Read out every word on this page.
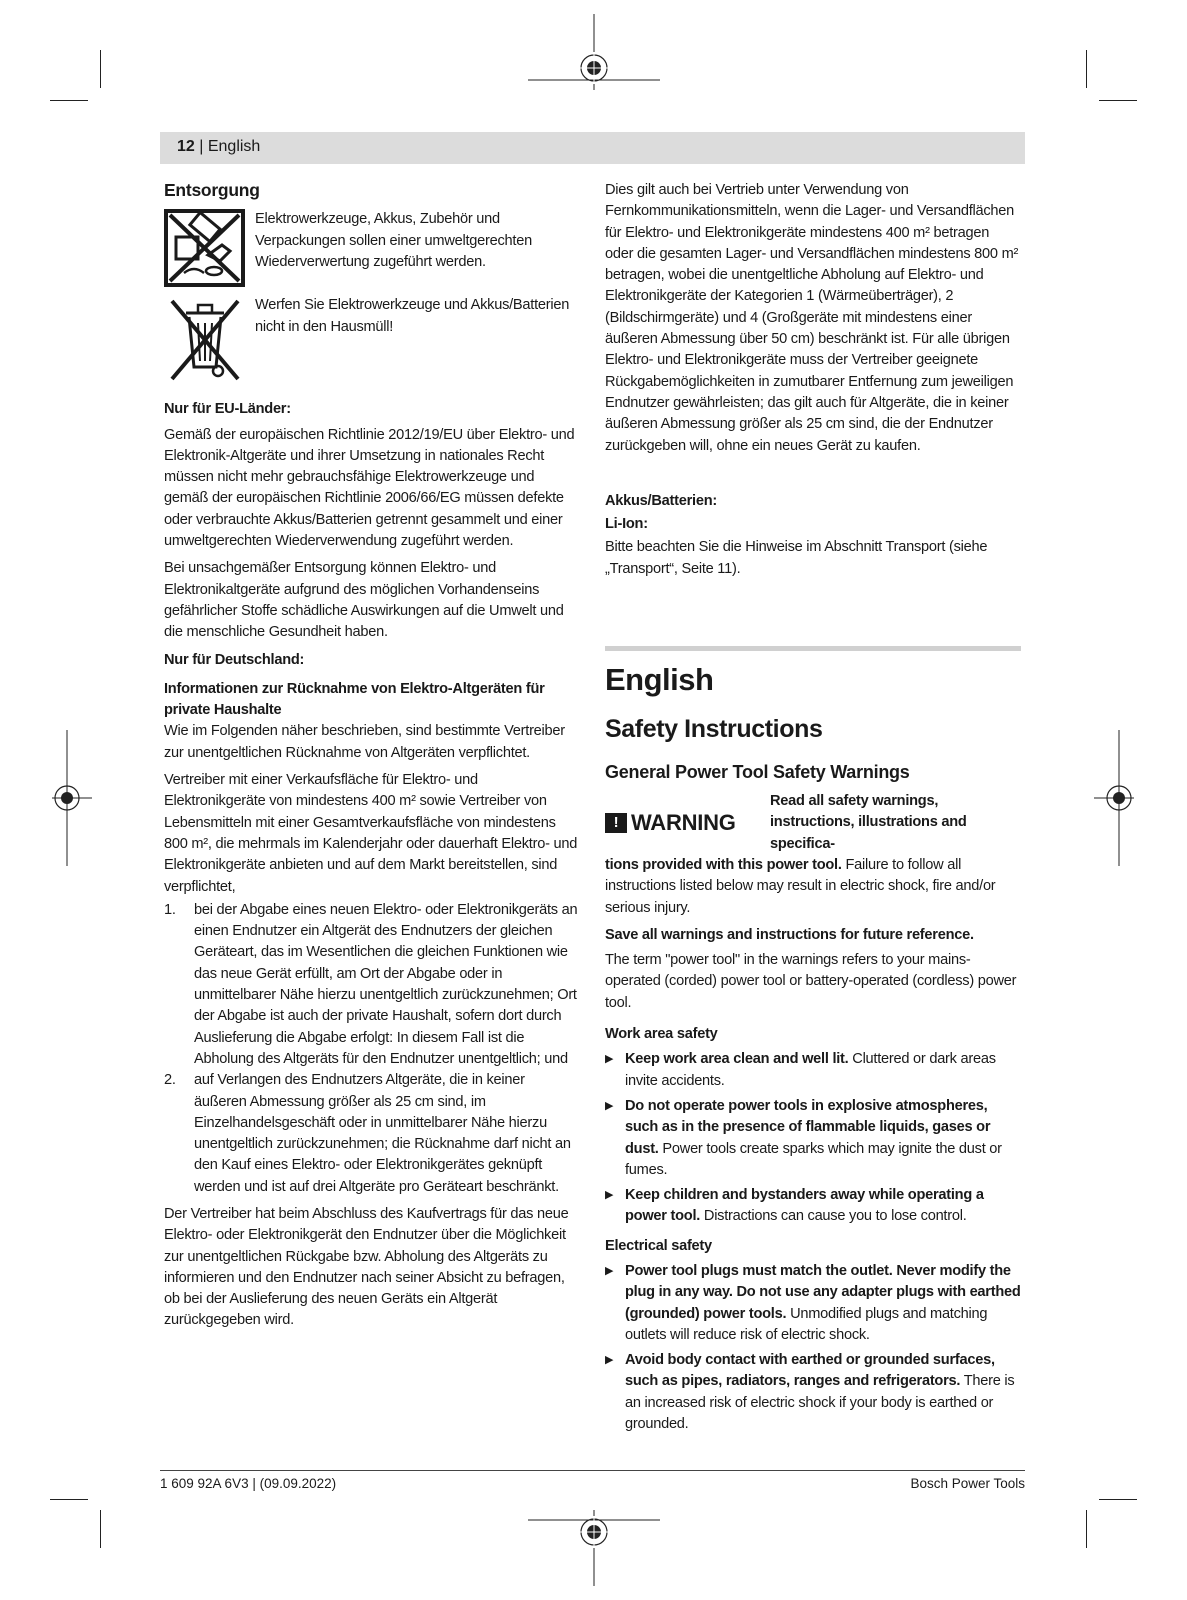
12 | English
Entsorgung
Elektrowerkzeuge, Akkus, Zubehör und Verpackungen sollen einer umweltgerechten Wiederverwertung zugeführt werden.
Werfen Sie Elektrowerkzeuge und Akkus/Batterien nicht in den Hausmüll!
Nur für EU-Länder:

Gemäß der europäischen Richtlinie 2012/19/EU über Elektro- und Elektronik-Altgeräte und ihrer Umsetzung in nationales Recht müssen nicht mehr gebrauchsfähige Elektrowerkzeuge und gemäß der europäischen Richtlinie 2006/66/EG müssen defekte oder verbrauchte Akkus/Batterien getrennt gesammelt und einer umweltgerechten Wiederverwendung zugeführt werden.

Bei unsachgemäßer Entsorgung können Elektro- und Elektronikaltgeräte aufgrund des möglichen Vorhandenseins gefährlicher Stoffe schädliche Auswirkungen auf die Umwelt und die menschliche Gesundheit haben.

Nur für Deutschland:
Informationen zur Rücknahme von Elektro-Altgeräten für private Haushalte

Wie im Folgenden näher beschrieben, sind bestimmte Vertreiber zur unentgeltlichen Rücknahme von Altgeräten verpflichtet.

Vertreiber mit einer Verkaufsfläche für Elektro- und Elektronikgeräte von mindestens 400 m² sowie Vertreiber von Lebensmitteln mit einer Gesamtverkaufsfläche von mindestens 800 m², die mehrmals im Kalenderjahr oder dauerhaft Elektro- und Elektronikgeräte anbieten und auf dem Markt bereitstellen, sind verpflichtet,

1.	bei der Abgabe eines neuen Elektro- oder Elektronikgeräts an einen Endnutzer ein Altgerät des Endnutzers der gleichen Geräteart, das im Wesentlichen die gleichen Funktionen wie das neue Gerät erfüllt, am Ort der Abgabe oder in unmittelbarer Nähe hierzu unentgeltlich zurückzunehmen; Ort der Abgabe ist auch der private Haushalt, sofern dort durch Auslieferung die Abgabe erfolgt: In diesem Fall ist die Abholung des Altgeräts für den Endnutzer unentgeltlich; und
2.	auf Verlangen des Endnutzers Altgeräte, die in keiner äußeren Abmessung größer als 25 cm sind, im Einzelhandelsgeschäft oder in unmittelbarer Nähe hierzu unentgeltlich zurückzunehmen; die Rücknahme darf nicht an den Kauf eines Elektro- oder Elektronikgerätes geknüpft werden und ist auf drei Altgeräte pro Geräteart beschränkt.

Der Vertreiber hat beim Abschluss des Kaufvertrags für das neue Elektro- oder Elektronikgerät den Endnutzer über die Möglichkeit zur unentgeltlichen Rückgabe bzw. Abholung des Altgeräts zu informieren und den Endnutzer nach seiner Absicht zu befragen, ob bei der Auslieferung des neuen Geräts ein Altgerät zurückgegeben wird.

Dies gilt auch bei Vertrieb unter Verwendung von Fernkommunikationsmitteln, wenn die Lager- und Versandflächen für Elektro- und Elektronikgeräte mindestens 400 m² betragen oder die gesamten Lager- und Versandflächen mindestens 800 m² betragen, wobei die unentgeltliche Abholung auf Elektro- und Elektronikgeräte der Kategorien 1 (Wärmeüberträger), 2 (Bildschirmgeräte) und 4 (Großgeräte mit mindestens einer äußeren Abmessung über 50 cm) beschränkt ist. Für alle übrigen Elektro- und Elektronikgeräte muss der Vertreiber geeignete Rückgabemöglichkeiten in zumutbarer Entfernung zum jeweiligen Endnutzer gewährleisten; das gilt auch für Altgeräte, die in keiner äußeren Abmessung größer als 25 cm sind, die der Endnutzer zurückgeben will, ohne ein neues Gerät zu kaufen.

Akkus/Batterien:
Li-Ion:

Bitte beachten Sie die Hinweise im Abschnitt Transport (siehe „Transport“, Seite 11).

English
Safety Instructions
General Power Tool Safety Warnings
! WARNING
Read all safety warnings, instructions, illustrations and specifica-

tions provided with this power tool. Failure to follow all instructions listed below may result in electric shock, fire and/or serious injury.

Save all warnings and instructions for future reference.

The term "power tool" in the warnings refers to your mains-operated (corded) power tool or battery-operated (cordless) power tool.

Work area safety
▶ Keep work area clean and well lit. Cluttered or dark areas invite accidents.
▶ Do not operate power tools in explosive atmospheres, such as in the presence of flammable liquids, gases or dust. Power tools create sparks which may ignite the dust or fumes.
▶ Keep children and bystanders away while operating a power tool. Distractions can cause you to lose control.
Electrical safety
▶ Power tool plugs must match the outlet. Never modify the plug in any way. Do not use any adapter plugs with earthed (grounded) power tools. Unmodified plugs and matching outlets will reduce risk of electric shock.
▶ Avoid body contact with earthed or grounded surfaces, such as pipes, radiators, ranges and refrigerators. There is an increased risk of electric shock if your body is earthed or grounded.
1 609 92A 6V3 | (09.09.2022)	Bosch Power Tools
